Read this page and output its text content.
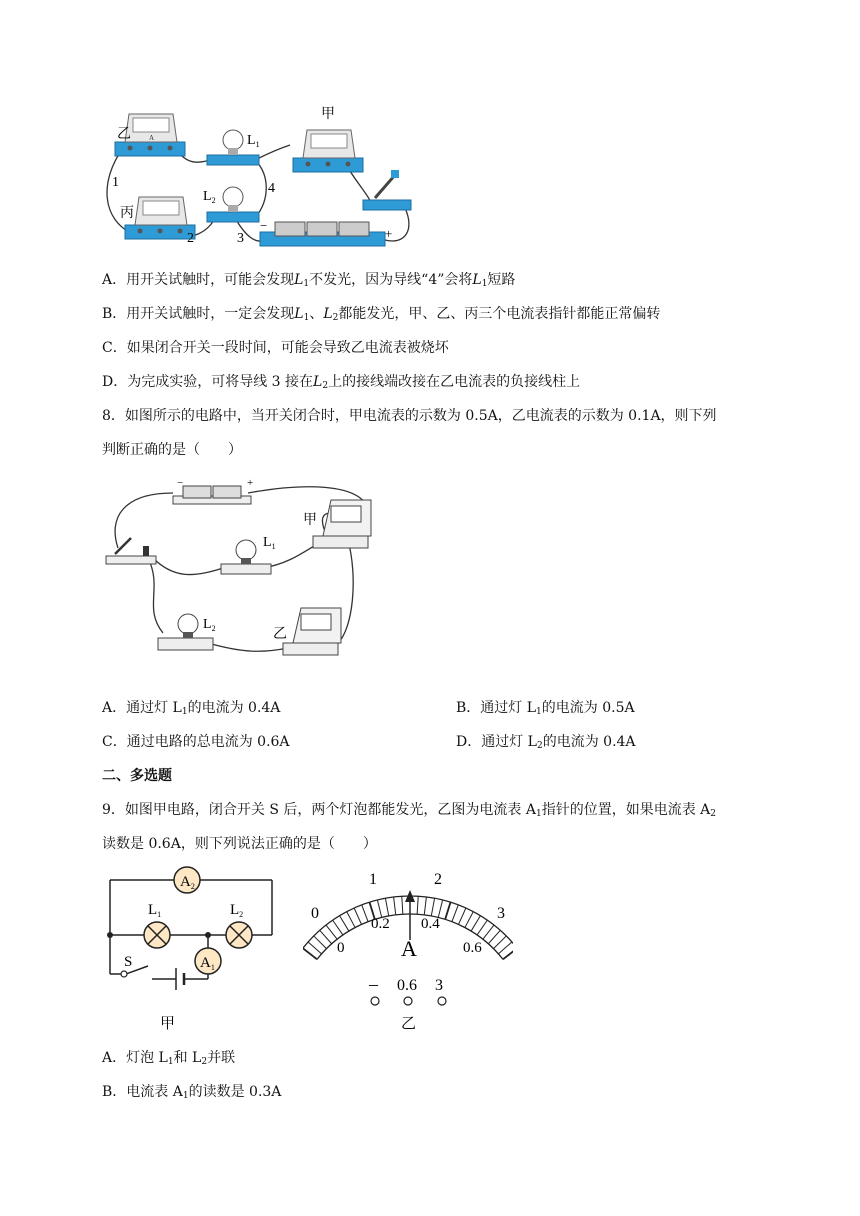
A
乙
丙
$L_1$
$L_2$
甲
−
+
1
2	3
4
A．用开关试触时，可能会发现$L_1$不发光，因为导线“4”会将$L_1$短路
B．用开关试触时，一定会发现$L_1$、$L_2$都能发光，甲、乙、丙三个电流表指针都能正常偏转
C．如果闭合开关一段时间，可能会导致乙电流表被烧坏
D．为完成实验，可将导线 3 接在$L_2$上的接线端改接在乙电流表的负接线柱上
8．如图所示的电路中，当开关闭合时，甲电流表的示数为 0.5A，乙电流表的示数为 0.1A，则下列
判断正确的是（　　）
−	+
$L_1$
甲
$L_2$	乙
A．通过灯 $L_1$的电流为 0.4A	B．通过灯 $L_1$的电流为 0.5A
C．通过电路的总电流为 0.6A	D．通过灯 $L_2$的电流为 0.4A
二、多选题
9．如图甲电路，闭合开关 S 后，两个灯泡都能发光，乙图为电流表 $A_1$指针的位置，如果电流表 $A_2$
读数是 0.6A，则下列说法正确的是（　　）
$A_2$
$L_1$	$L_2$
$A_1$
S
甲
0
1	2
3
0
0.2 0.4
0.6
A
– 0.6 3
乙
A．灯泡 $L_1$和 $L_2$并联
B．电流表 $A_1$的读数是 0.3A
